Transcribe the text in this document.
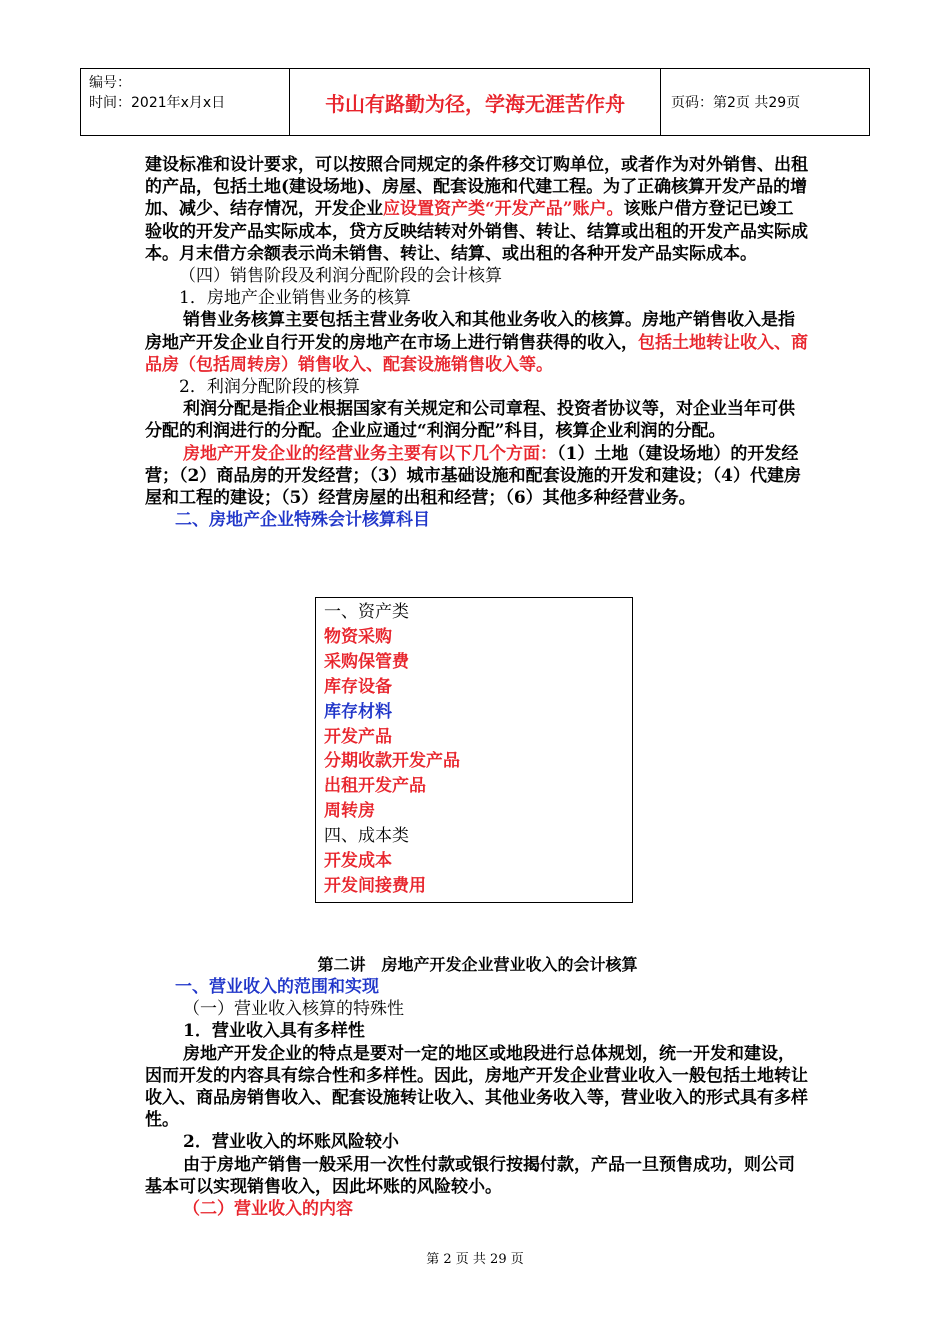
编号：
时间：2021年x月x日	书山有路勤为径，学海无涯苦作舟	页码：第2页 共29页

建设标准和设计要求，可以按照合同规定的条件移交订购单位，或者作为对外销售、出租的产品，包括土地(建设场地)、房屋、配套设施和代建工程。为了正确核算开发产品的增加、减少、结存情况，开发企业应设置资产类“开发产品”账户。该账户借方登记已竣工验收的开发产品实际成本，贷方反映结转对外销售、转让、结算或出租的开发产品实际成本。月末借方余额表示尚未销售、转让、结算、或出租的各种开发产品实际成本。

（四）销售阶段及利润分配阶段的会计核算

1．房地产企业销售业务的核算

销售业务核算主要包括主营业务收入和其他业务收入的核算。房地产销售收入是指房地产开发企业自行开发的房地产在市场上进行销售获得的收入，包括土地转让收入、商品房（包括周转房）销售收入、配套设施销售收入等。

2．利润分配阶段的核算

利润分配是指企业根据国家有关规定和公司章程、投资者协议等，对企业当年可供分配的利润进行的分配。企业应通过“利润分配”科目，核算企业利润的分配。

房地产开发企业的经营业务主要有以下几个方面：（1）土地（建设场地）的开发经营；（2）商品房的开发经营；（3）城市基础设施和配套设施的开发和建设；（4）代建房屋和工程的建设；（5）经营房屋的出租和经营；（6）其他多种经营业务。

二、房地产企业特殊会计核算科目

一、资产类

物资采购

采购保管费

库存设备

库存材料

开发产品

分期收款开发产品

出租开发产品

周转房

四、成本类

开发成本

开发间接费用

第二讲　房地产开发企业营业收入的会计核算

一、营业收入的范围和实现

（一）营业收入核算的特殊性

1．营业收入具有多样性

房地产开发企业的特点是要对一定的地区或地段进行总体规划，统一开发和建设，因而开发的内容具有综合性和多样性。因此，房地产开发企业营业收入一般包括土地转让收入、商品房销售收入、配套设施转让收入、其他业务收入等，营业收入的形式具有多样性。

2．营业收入的坏账风险较小

由于房地产销售一般采用一次性付款或银行按揭付款，产品一旦预售成功，则公司基本可以实现销售收入，因此坏账的风险较小。

（二）营业收入的内容

第 2 页 共 29 页
